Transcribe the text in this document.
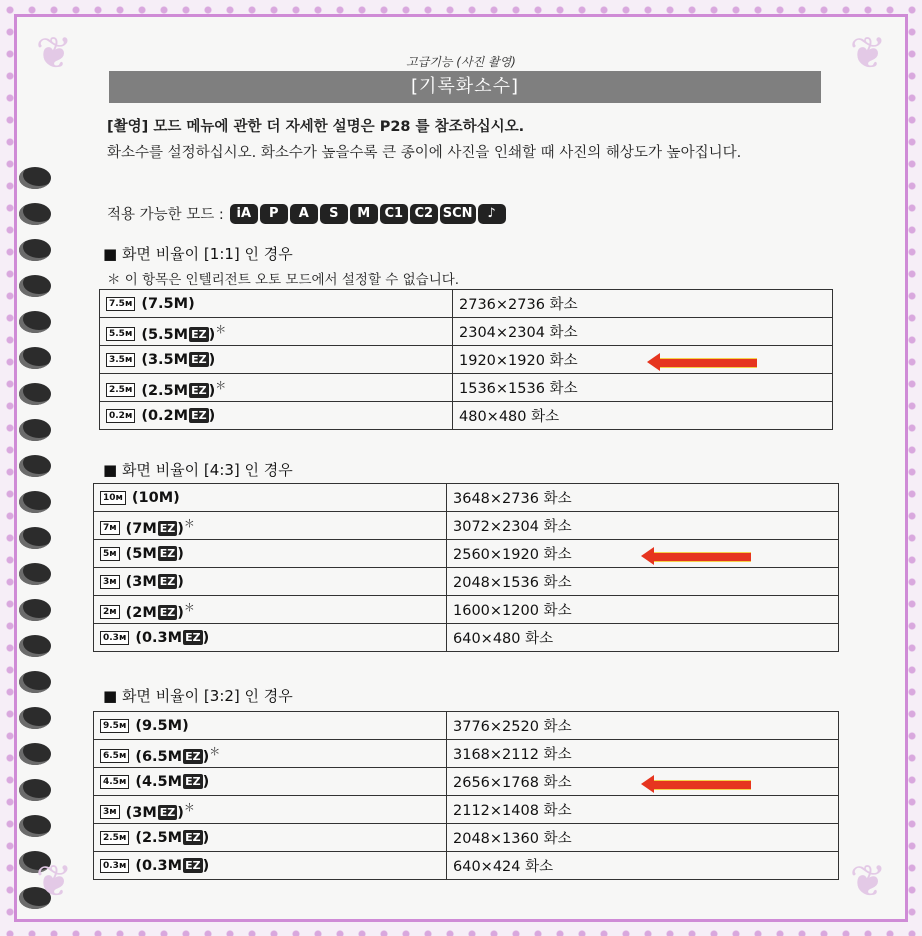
❦	❦
❦	❦
고급기능 (사진 촬영)
[기록화소수]
[촬영] 모드 메뉴에 관한 더 자세한 설명은 P28 를 참조하십시오.
화소수를 설정하십시오. 화소수가 높을수록 큰 종이에 사진을 인쇄할 때 사진의 해상도가 높아집니다.
적용 가능한 모드 : iA P A S M C1 C2 SCN ♪
■ 화면 비율이 [1:1] 인 경우
＊ 이 항목은 인텔리전트 오토 모드에서 설정할 수 없습니다.
7.5м (7.5M)	2736×2736 화소
5.5м (5.5M EZ )＊	2304×2304 화소
3.5м (3.5M EZ )	1920×1920 화소
2.5м (2.5M EZ )＊	1536×1536 화소
0.2м (0.2M EZ )	480×480 화소
■ 화면 비율이 [4:3] 인 경우
10м (10M)	3648×2736 화소
7м (7M EZ )＊	3072×2304 화소
5м (5M EZ )	2560×1920 화소
3м (3M EZ )	2048×1536 화소
2м (2M EZ )＊	1600×1200 화소
0.3м (0.3M EZ )	640×480 화소
■ 화면 비율이 [3:2] 인 경우
9.5м (9.5M)	3776×2520 화소
6.5м (6.5M EZ )＊	3168×2112 화소
4.5м (4.5M EZ )	2656×1768 화소
3м (3M EZ )＊	2112×1408 화소
2.5м (2.5M EZ )	2048×1360 화소
0.3м (0.3M EZ )	640×424 화소
